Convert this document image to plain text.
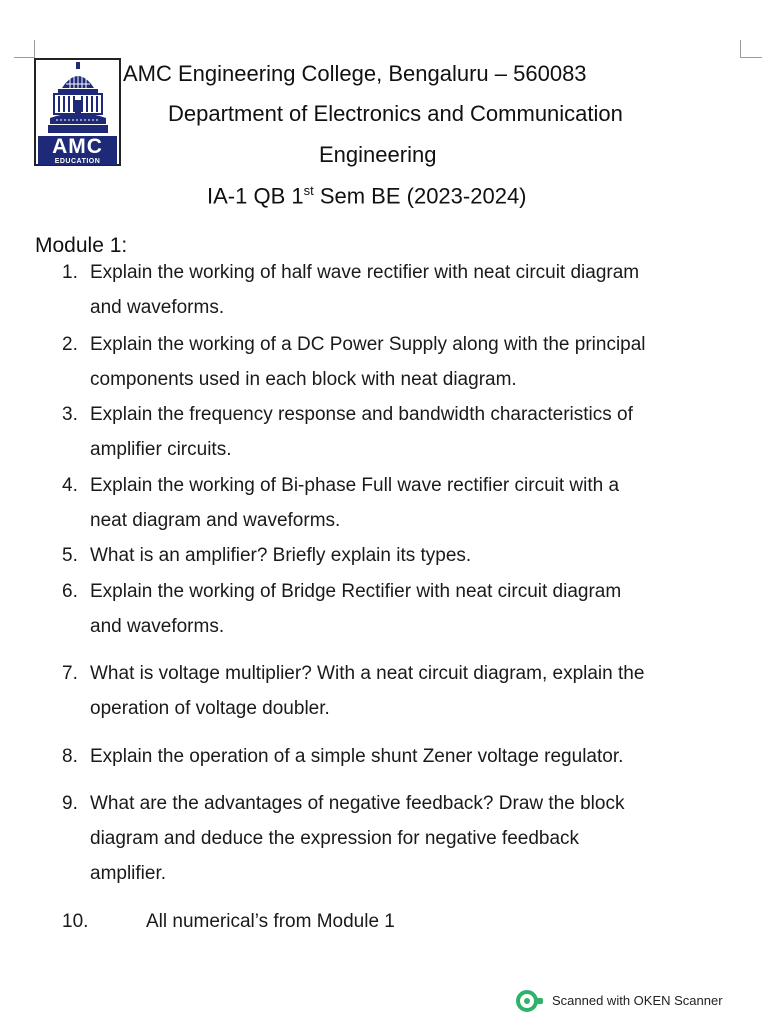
AMC
EDUCATION
AMC Engineering College, Bengaluru – 560083
Department of Electronics and Communication
Engineering
IA-1 QB 1st Sem BE (2023-2024)
Module 1:
1. Explain the working of half wave rectifier with neat circuit diagram
and waveforms.
2. Explain the working of a DC Power Supply along with the principal
components used in each block with neat diagram.
3. Explain the frequency response and bandwidth characteristics of
amplifier circuits.
4. Explain the working of Bi-phase Full wave rectifier circuit with a
neat diagram and waveforms.
5. What is an amplifier? Briefly explain its types.
6. Explain the working of Bridge Rectifier with neat circuit diagram
and waveforms.
7. What is voltage multiplier? With a neat circuit diagram, explain the
operation of voltage doubler.
8. Explain the operation of a simple shunt Zener voltage regulator.
9. What are the advantages of negative feedback? Draw the block
diagram and deduce the expression for negative feedback
amplifier.
10.	All numerical’s from Module 1
Scanned with OKEN Scanner
